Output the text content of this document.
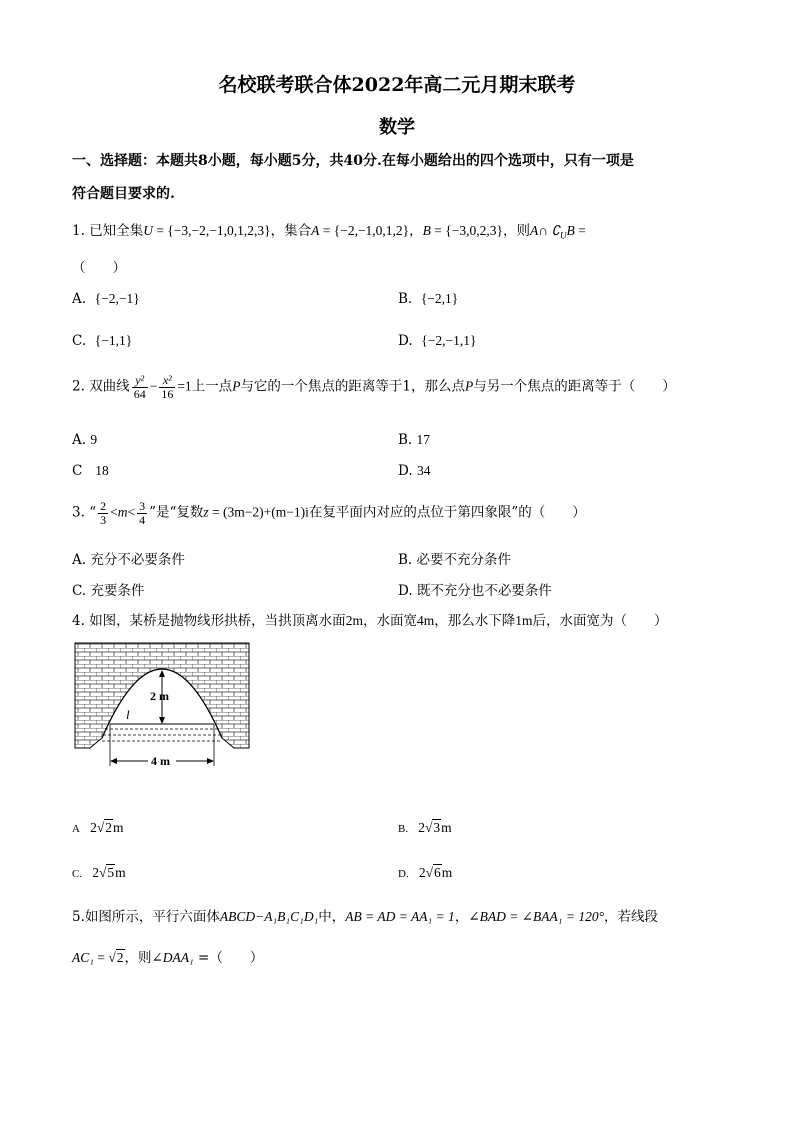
名校联考联合体2022年高二元月期末联考
数学
一、选择题：本题共8小题，每小题5分，共40分.在每小题给出的四个选项中，只有一项是
符合题目要求的.
1. 已知全集U = {−3,−2,−1,0,1,2,3}，集合A = {−2,−1,0,1,2}，B = {−3,0,2,3}，则A∩ $∁_UB$ =
（　　）
A. {−2,−1}	B. {−2,1}
C. {−1,1}	D. {−2,−1,1}
2. 双曲线 $\frac{\text{y²}}{64} - \frac{\text{x²}}{16} =1$上一点P与它的一个焦点的距离等于1，那么点P与另一个焦点的距离等于（　　）
A. 9	B. 17
C 18	D. 34
3. “ $\frac{2}{3} <m< \frac{3}{4}$ ”是“复数z = (3m−2)+(m−1)i在复平面内对应的点位于第四象限”的（　　）
A. 充分不必要条件	B. 必要不充分条件
C. 充要条件	D. 既不充分也不必要条件
4. 如图，某桥是抛物线形拱桥，当拱顶离水面2m，水面宽4m，那么水下降1m后，水面宽为（　　）
2 m
l
4 m
A 2√2m	B. 2√3m
C. 2√5m	D. 2√6m
5.如图所示，平行六面体ABCD−A₁B₁C₁D₁中，AB = AD = AA₁ = 1，∠BAD = ∠BAA₁ = 120°，若线段
AC₁ = √2，则∠DAA₁ =（　　）
